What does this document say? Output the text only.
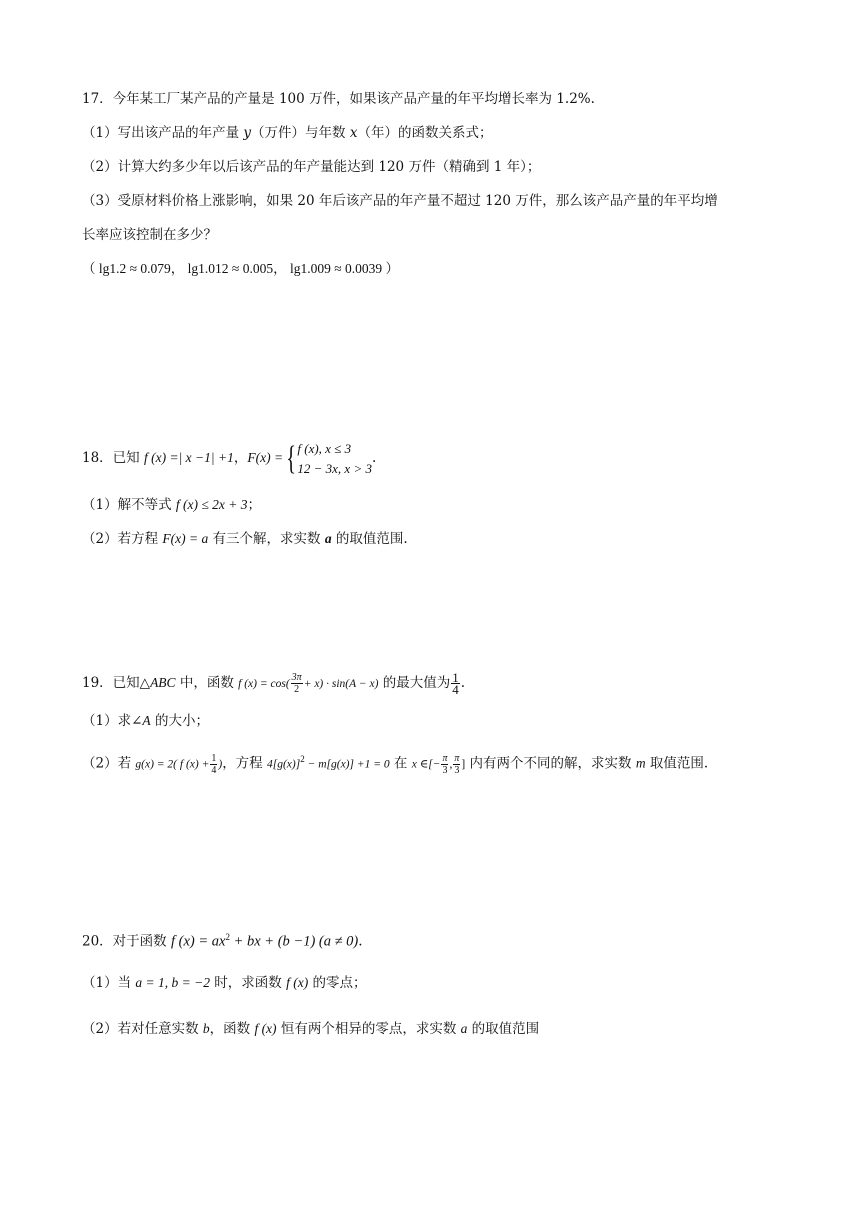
17．今年某工厂某产品的产量是 100 万件，如果该产品产量的年平均增长率为 1.2%.
（1）写出该产品的年产量 y（万件）与年数 x（年）的函数关系式；
（2）计算大约多少年以后该产品的年产量能达到 120 万件（精确到 1 年）；
（3）受原材料价格上涨影响，如果 20 年后该产品的年产量不超过 120 万件，那么该产品产量的年平均增
长率应该控制在多少？
（ lg1.2 ≈ 0.079， lg1.012 ≈ 0.005， lg1.009 ≈ 0.0039 ）
18．已知 f (x) =| x −1| +1，F(x) ={ f (x), x ≤ 3
12 − 3x, x > 3
.
（1）解不等式 f (x) ≤ 2x + 3；
（2）若方程 F(x) = a 有三个解，求实数 a 的取值范围.
19．已知△ABC 中，函数 f $(x) = \cos( \frac{3\pi}{2} + x) \cdot \sin(A - x)$ 的最大值为 $\frac{1}{4}$ .
（1）求∠A 的大小；
（2）若 g(x) = 2( f $(x) + \frac{1}{4}$ )，方程 $4[g(x)]^2 - m[g(x)] +1 = 0$ 在 x ∈[− $\frac{\pi}{3}$ , $\frac{\pi}{3}$ ] 内有两个不同的解，求实数 m 取值范围.
20．对于函数 f $(x) = ax^2$ + bx + (b −1) (a ≠ 0).
（1）当 a = 1, b = −2 时，求函数 f (x) 的零点；
（2）若对任意实数 b，函数 f (x) 恒有两个相异的零点，求实数 a 的取值范围
